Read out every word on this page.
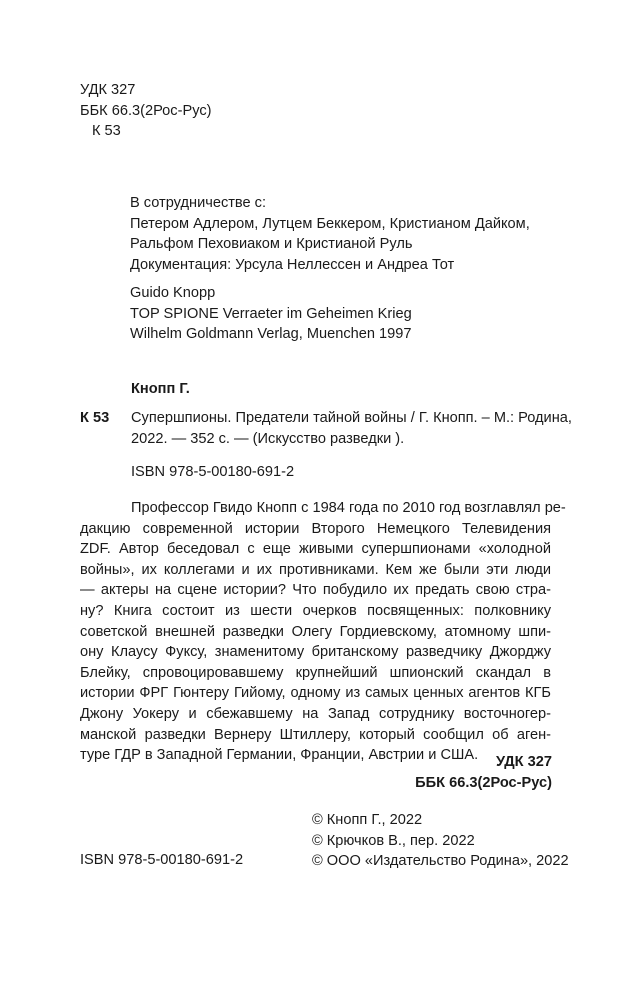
УДК 327
ББК 66.3(2Рос-Рус)
К 53
В сотрудничестве с:
Петером Адлером, Лутцем Беккером, Кристианом Дайком,
Ральфом Пеховиаком и Кристианой Руль
Документация: Урсула Неллессен и Андреа Тот
Guido Knopp
TOP SPIONE Verraeter im Geheimen Krieg
Wilhelm Goldmann Verlag, Muenchen 1997
Кнопп Г.
К 53	Супершпионы. Предатели тайной войны / Г. Кнопп. – М.: Родина,
2022. — 352 с. — (Искусство разведки ).
ISBN 978-5-00180-691-2
Профессор Гвидо Кнопп с 1984 года по 2010 год возглавлял ре-
дакцию современной истории Второго Немецкого Телевидения
ZDF. Автор беседовал с еще живыми супершпионами «холодной
войны», их коллегами и их противниками. Кем же были эти люди
— актеры на сцене истории? Что побудило их предать свою стра-
ну? Книга состоит из шести очерков посвященных: полковнику
советской внешней разведки Олегу Гордиевскому, атомному шпи-
ону Клаусу Фуксу, знаменитому британскому разведчику Джорджу
Блейку, спровоцировавшему крупнейший шпионский скандал в
истории ФРГ Гюнтеру Гийому, одному из самых ценных агентов КГБ
Джону Уокеру и сбежавшему на Запад сотруднику восточногер-
манской разведки Вернеру Штиллеру, который сообщил об аген-
туре ГДР в Западной Германии, Франции, Австрии и США.	УДК 327
ББК 66.3(2Рос-Рус)
© Кнопп Г., 2022
© Крючков В., пер. 2022
© ООО «Издательство Родина», 2022
ISBN 978-5-00180-691-2
